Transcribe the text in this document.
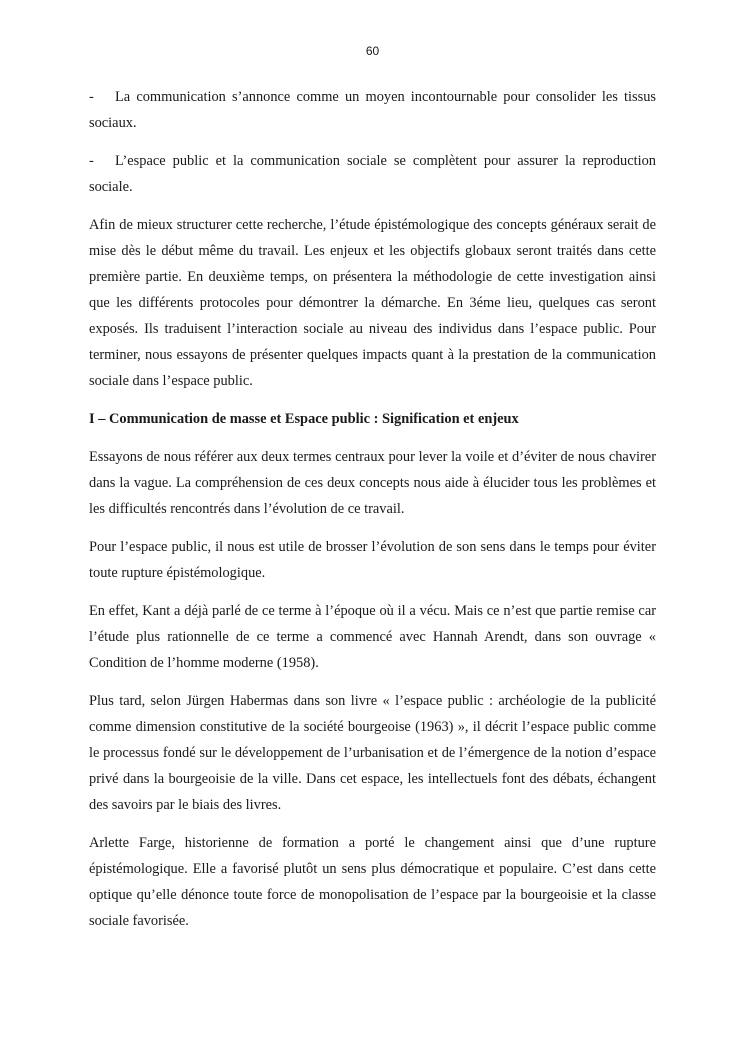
60

- La communication s’annonce comme un moyen incontournable pour consolider les tissus sociaux.

- L’espace public et la communication sociale se complètent pour assurer la reproduction sociale.

Afin de mieux structurer cette recherche, l’étude épistémologique des concepts généraux serait de mise dès le début même du travail. Les enjeux et les objectifs globaux seront traités dans cette première partie. En deuxième temps, on présentera la méthodologie de cette investigation ainsi que les différents protocoles pour démontrer la démarche. En 3éme lieu, quelques cas seront exposés. Ils traduisent l’interaction sociale au niveau des individus dans l’espace public. Pour terminer, nous essayons de présenter quelques impacts quant à la prestation de la communication sociale dans l’espace public.

I – Communication de masse et Espace public : Signification et enjeux

Essayons de nous référer aux deux termes centraux pour lever la voile et d’éviter de nous chavirer dans la vague. La compréhension de ces deux concepts nous aide à élucider tous les problèmes et les difficultés rencontrés dans l’évolution de ce travail.

Pour l’espace public, il nous est utile de brosser l’évolution de son sens dans le temps pour éviter toute rupture épistémologique.

En effet, Kant a déjà parlé de ce terme à l’époque où il a vécu. Mais ce n’est que partie remise car l’étude plus rationnelle de ce terme a commencé avec Hannah Arendt, dans son ouvrage « Condition de l’homme moderne (1958).

Plus tard, selon Jürgen Habermas dans son livre « l’espace public : archéologie de la publicité comme dimension constitutive de la société bourgeoise (1963) », il décrit l’espace public comme le processus fondé sur le développement de l’urbanisation et de l’émergence de la notion d’espace privé dans la bourgeoisie de la ville. Dans cet espace, les intellectuels font des débats, échangent des savoirs par le biais des livres.

Arlette Farge, historienne de formation a porté le changement ainsi que d’une rupture épistémologique. Elle a favorisé plutôt un sens plus démocratique et populaire. C’est dans cette optique qu’elle dénonce toute force de monopolisation de l’espace par la bourgeoisie et la classe sociale favorisée.
